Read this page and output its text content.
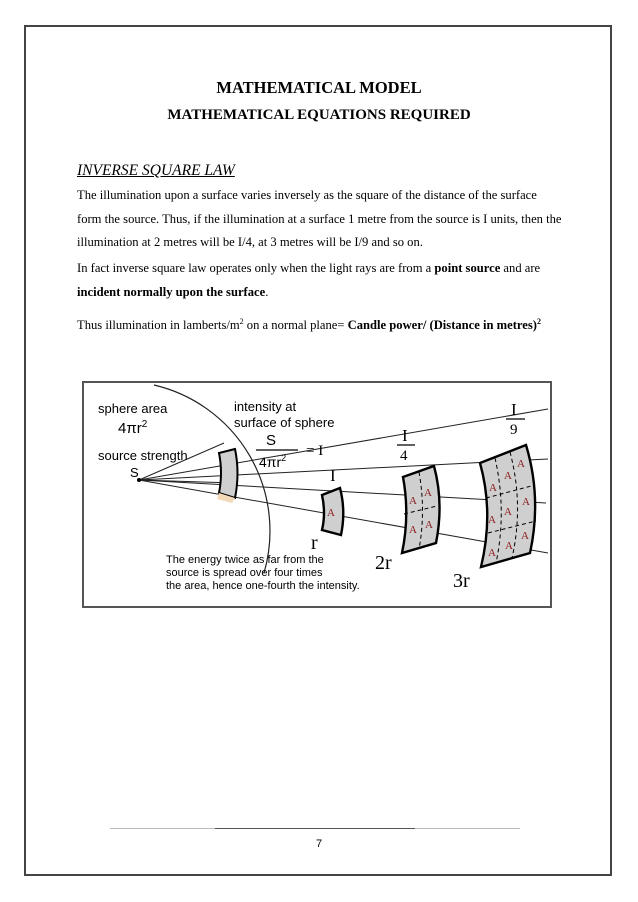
MATHEMATICAL MODEL
MATHEMATICAL EQUATIONS REQUIRED
INVERSE SQUARE LAW
The illumination upon a surface varies inversely as the square of the distance of the surface form the source. Thus, if the illumination at a surface 1 metre from the source is I units, then the illumination at 2 metres will be I/4, at 3 metres will be I/9 and so on.
In fact inverse square law operates only when the light rays are from a point source and are incident normally upon the surface.
Thus illumination in lamberts/$m^2$ on a normal plane= Candle power/ (Distance in metres)$^2$
A
A
A
A A
A
A
A
A
A
A
A
A
A
sphere area
$4\pi r^2$
intensity at
surface of sphere
S
$4\pi r^2 = I$
source strength
S
The energy twice as far from the
source is spread over four times
the area, hence one-fourth the intensity.
I
I
4
I
9
r
2r
3r
7
